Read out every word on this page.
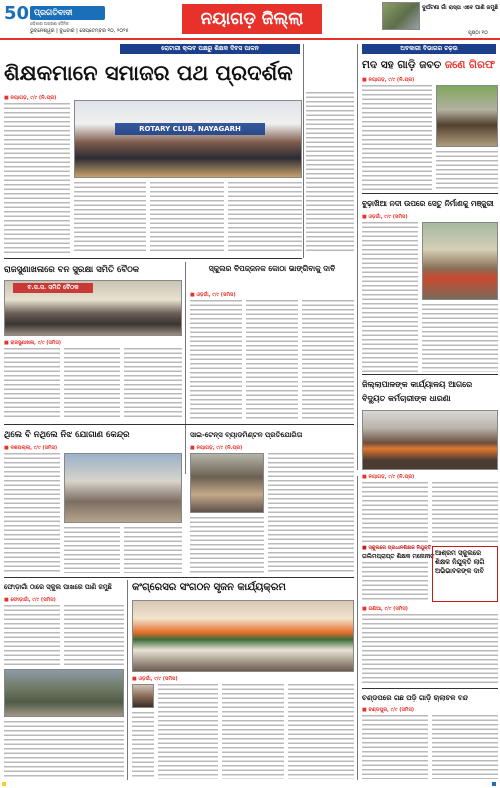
50 ପ୍ରଗତିବାଦୀ
ଓଡ଼ିଶାର ଅଗ୍ରଣୀ ଦୈନିକ
ଭୁବନେଶ୍ୱର | ବୁଧବାର | ସେପ୍ଟେମ୍ବର ୧୦, ୨୦୨୫
ନୟାଗଡ଼ ଜିଲ୍ଲା
ଦୁର୍ଘଟଣା ଗାଁ ରାସ୍ତା ଏବେ ପାଣି ଜମୁଛି
ପୃଷ୍ଠା ୧୦
ରୋଟାରୀ କ୍ଲବ ପକ୍ଷରୁ ଶିକ୍ଷକ ଦିବସ ପାଳନ
ଶିକ୍ଷକମାନେ ସମାଜର ପଥ ପ୍ରଦର୍ଶକ
■ ନୟାଗଡ଼, ୯/୯ (ନି.ପ୍ର)
ROTARY CLUB, NAYAGARH
ଅବକାରୀ ବିଭାଗର ଚଢ଼ଉ
ମଦ ସହ ଗାଡ଼ି ଜବତ ଜଣେ ଗିରଫ
■ ନୟାଗଡ଼, ୯/୯ (ନି.ପ୍ର)
ବୁଢ଼ାଖିଆ ନଦୀ ଉପରେ ସେତୁ ନିର୍ମାଣକୁ ମଞ୍ଜୁରୀ
■ ଓଡ଼ଗାଁ, ୯/୯ (ସମିସ)
ରାଜସୁଣାଖଳାରେ ବନ ସୁରକ୍ଷା ସମିତି ବୈଠକ
ବ.ସ.ସ. ସମିତି ବୈଠକ
■ ରାଜସୁଣାଖଳା, ୯/୯ (ସମିସ)
ସ୍କୁଲର ବିପଜ୍ଜନକ କୋଠା ଭାଙ୍ଗିବାକୁ ଦାବି
■ ଓଡ଼ଗାଁ, ୯/୯ (ସମିସ)
ଜିଲ୍ଲାପାଳଙ୍କ କାର୍ଯ୍ୟାଳୟ ଆଗରେ ବିଦ୍ୟୁତ କର୍ମଚାରୀଙ୍କ ଧାରଣା
■ ନୟାଗଡ଼, ୯/୯ (ନି.ପ୍ର)
ଥିଲେ ବି ନଥିଲେ ନିଝ ଯୋଗାଣ କେନ୍ଦ୍ର
■ ଦଶପଲ୍ଲା, ୯/୯ (ସମିସ)
ସାଇ-ଟେନ୍ସ ବ୍ୟାଡମିଣ୍ଟନ ପ୍ରତିଯୋଗିତା
■ ନୟାଗଡ଼, ୯/୯ (ନି.ପ୍ର)
■ ସ୍କୁଲରେ ପ୍ରଧାନଶିକ୍ଷକ ନିଯୁକ୍ତି
ତାଲିମପ୍ରାପ୍ତ ଶିକ୍ଷକ ମନୋନୀତ ଆଶ୍ରମ ସ୍କୁଲରେ ଶିକ୍ଷକ ନିଯୁକ୍ତି ଲାଗି ଅଭିଭାବକଙ୍କ ଦାବି
■ ଗଣିଆ, ୯/୯ (ସମିସ)
ଚଣ୍ଡପରେ ଗଛ ପଡ଼ି ଗାଡ଼ି ଚାଲାଚଳ ବନ୍ଦ
■ ଚଣ୍ଡପୁର, ୯/୯ (ସମିସ)
ଫୋଡ଼ାଗାଁ ଠାରେ ସ୍କୁଲ ପାଖରେ ପାଣି ଜମୁଛି
■ ଫୋଡ଼ାଗାଁ, ୯/୯ (ସମିସ)
କଂଗ୍ରେସର ସଂଗଠନ ସୃଜନ କାର୍ଯ୍ୟକ୍ରମ
■ ଓଡ଼ଗାଁ, ୯/୯ (ସମିସ)
